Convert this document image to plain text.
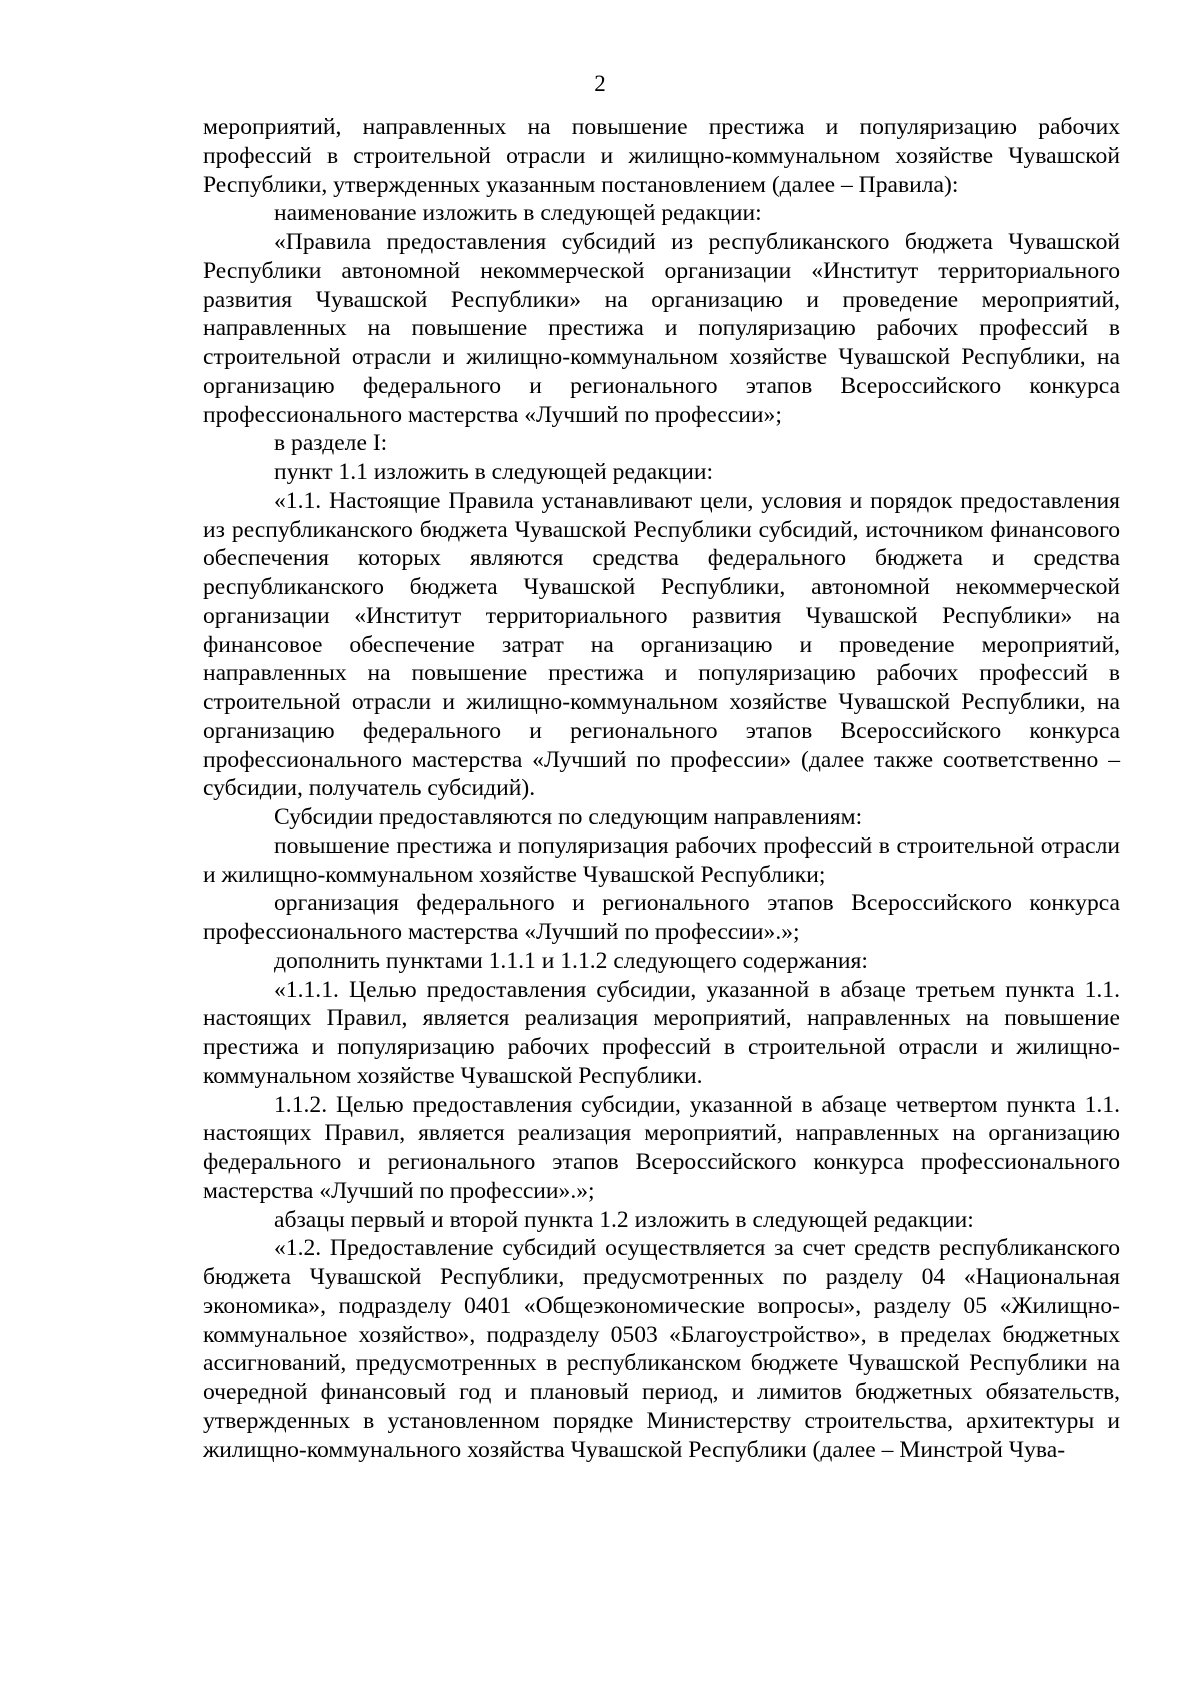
2

мероприятий, направленных на повышение престижа и популяризацию рабочих профессий в строительной отрасли и жилищно-коммунальном хозяйстве Чувашской Республики, утвержденных указанным постановлением (далее – Правила):

наименование изложить в следующей редакции:

«Правила предоставления субсидий из республиканского бюджета Чувашской Республики автономной некоммерческой организации «Институт территориального развития Чувашской Республики» на организацию и проведение мероприятий, направленных на повышение престижа и популяризацию рабочих профессий в строительной отрасли и жилищно-коммунальном хозяйстве Чувашской Республики, на организацию федерального и регионального этапов Всероссийского конкурса профессионального мастерства «Лучший по профессии»;

в разделе I:

пункт 1.1 изложить в следующей редакции:

«1.1. Настоящие Правила устанавливают цели, условия и порядок предоставления из республиканского бюджета Чувашской Республики субсидий, источником финансового обеспечения которых являются средства федерального бюджета и средства республиканского бюджета Чувашской Республики, автономной некоммерческой организации «Институт территориального развития Чувашской Республики» на финансовое обеспечение затрат на организацию и проведение мероприятий, направленных на повышение престижа и популяризацию рабочих профессий в строительной отрасли и жилищно-коммунальном хозяйстве Чувашской Республики, на организацию федерального и регионального этапов Всероссийского конкурса профессионального мастерства «Лучший по профессии» (далее также соответственно – субсидии, получатель субсидий).

Субсидии предоставляются по следующим направлениям:

повышение престижа и популяризация рабочих профессий в строительной отрасли и жилищно-коммунальном хозяйстве Чувашской Республики;

организация федерального и регионального этапов Всероссийского конкурса профессионального мастерства «Лучший по профессии».»;

дополнить пунктами 1.1.1 и 1.1.2 следующего содержания:

«1.1.1. Целью предоставления субсидии, указанной в абзаце третьем пункта 1.1. настоящих Правил, является реализация мероприятий, направленных на повышение престижа и популяризацию рабочих профессий в строительной отрасли и жилищно-коммунальном хозяйстве Чувашской Республики.

1.1.2. Целью предоставления субсидии, указанной в абзаце четвертом пункта 1.1. настоящих Правил, является реализация мероприятий, направленных на организацию федерального и регионального этапов Всероссийского конкурса профессионального мастерства «Лучший по профессии».»;

абзацы первый и второй пункта 1.2 изложить в следующей редакции:

«1.2. Предоставление субсидий осуществляется за счет средств республиканского бюджета Чувашской Республики, предусмотренных по разделу 04 «Национальная экономика», подразделу 0401 «Общеэкономические вопросы», разделу 05 «Жилищно-коммунальное хозяйство», подразделу 0503 «Благоустройство», в пределах бюджетных ассигнований, предусмотренных в республиканском бюджете Чувашской Республики на очередной финансовый год и плановый период, и лимитов бюджетных обязательств, утвержденных в установленном порядке Министерству строительства, архитектуры и жилищно-коммунального хозяйства Чувашской Республики (далее – Минстрой Чува-
